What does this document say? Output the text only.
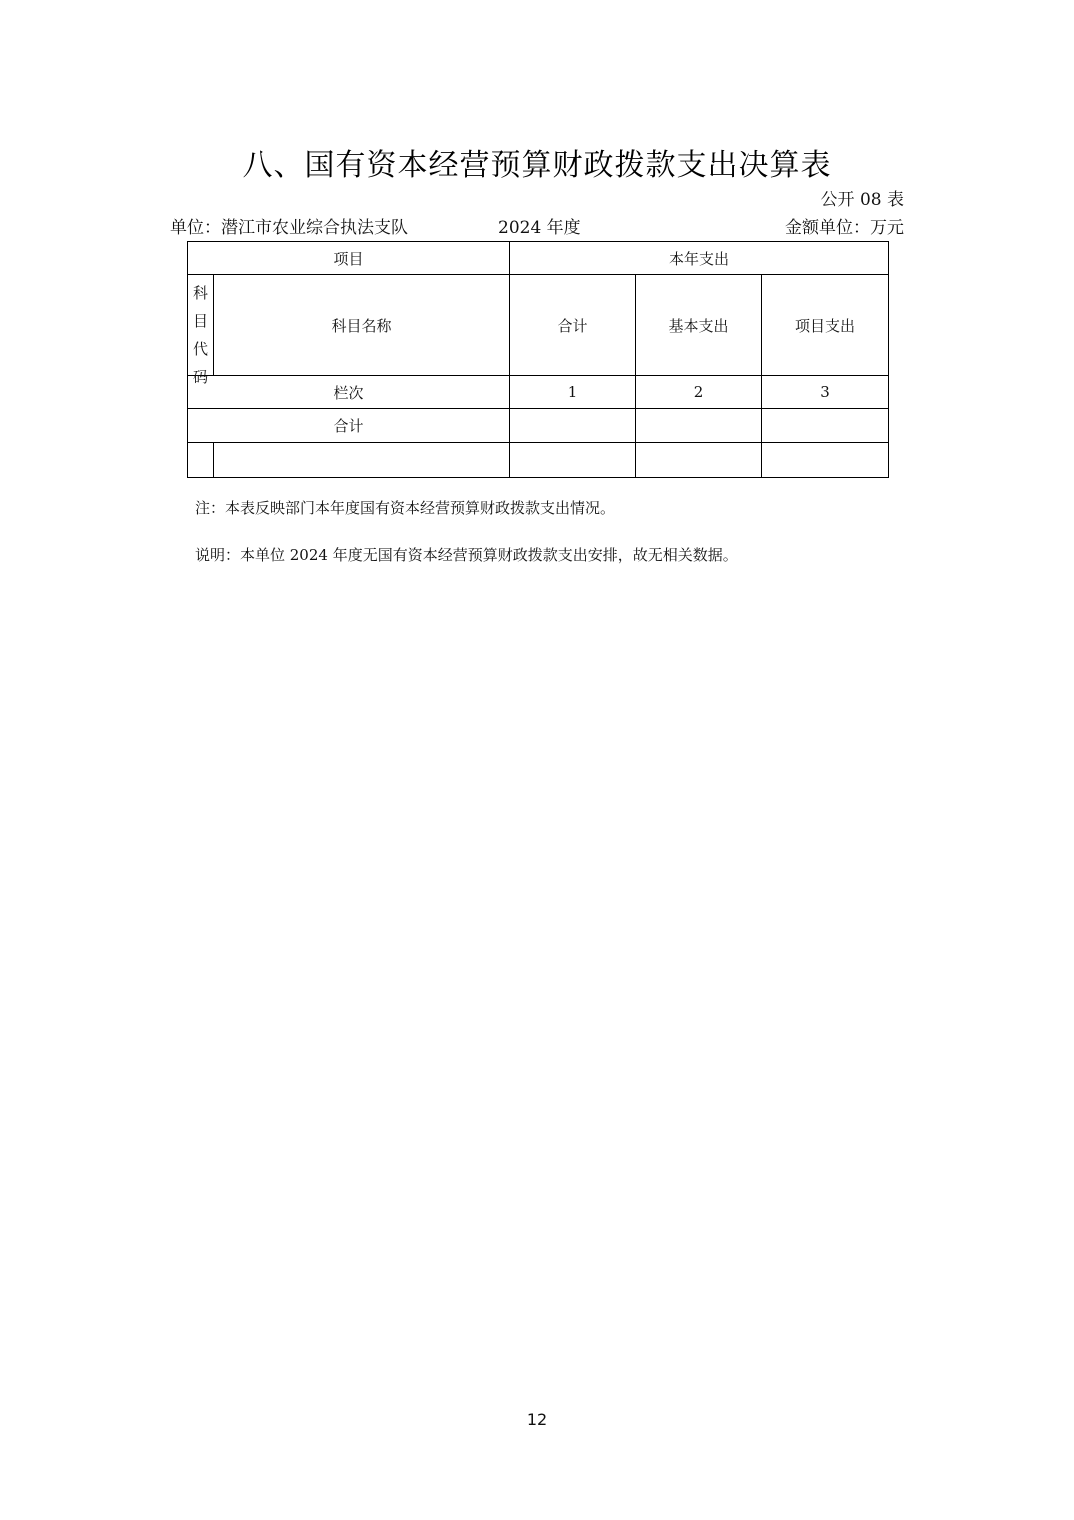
八、国有资本经营预算财政拨款支出决算表
公开 08 表
单位：潜江市农业综合执法支队	2024 年度	金额单位：万元
项目		本年支出		

科目代码	科目名称	合计	基本支出	项目支出
栏次		1	2	3
合计				

注：本表反映部门本年度国有资本经营预算财政拨款支出情况。
说明：本单位 2024 年度无国有资本经营预算财政拨款支出安排，故无相关数据。
12
